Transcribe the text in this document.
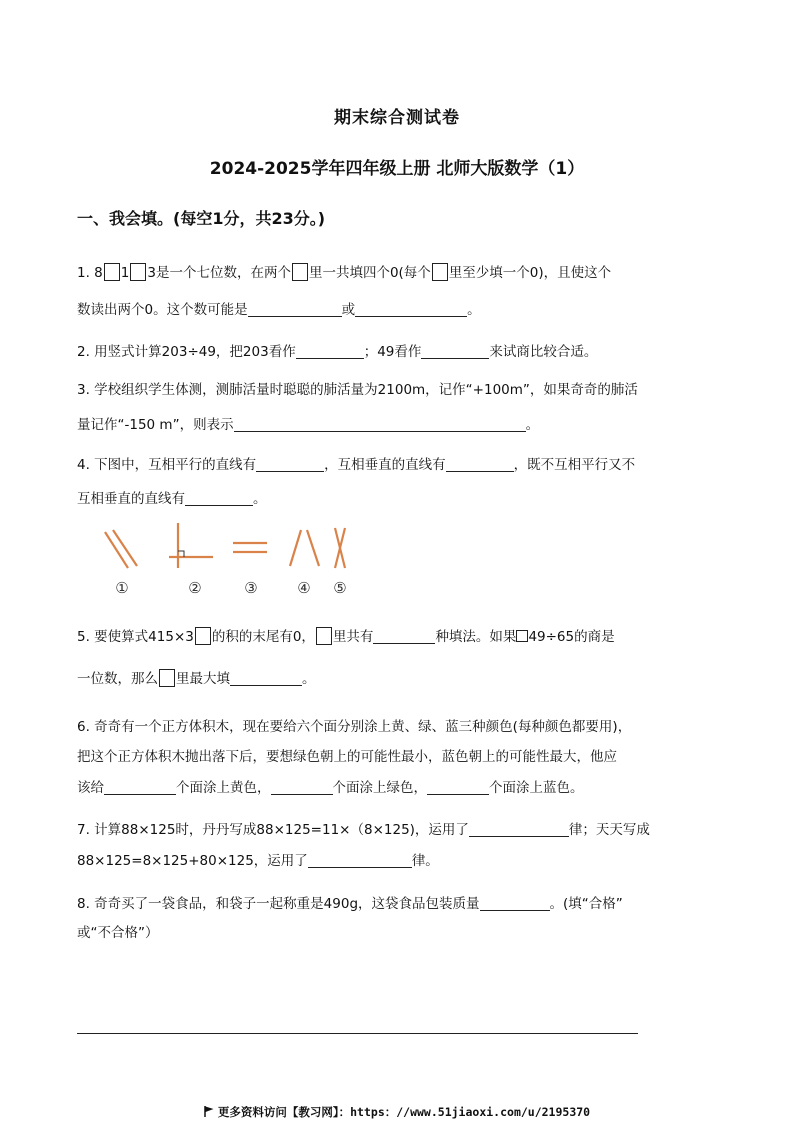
期末综合测试卷
2024-2025学年四年级上册 北师大版数学（1）
一、我会填。(每空1分，共23分。)
1. 8 1 3是一个七位数，在两个 里一共填四个0(每个 里至少填一个0)，且使这个
数读出两个0。这个数可能是	或	。
2. 用竖式计算203÷49，把203看作	；49看作	来试商比较合适。
3. 学校组织学生体测，测肺活量时聪聪的肺活量为2100m，记作“+100m”，如果奇奇的肺活
量记作“-150 m”，则表示	。
4. 下图中，互相平行的直线有	，互相垂直的直线有	，既不互相平行又不
互相垂直的直线有	。
①	②	③	④ ⑤
5. 要使算式415×3 的积的末尾有0， 里共有	种填法。如果 49÷65的商是
一位数，那么 里最大填	。
6. 奇奇有一个正方体积木，现在要给六个面分别涂上黄、绿、蓝三种颜色(每种颜色都要用)，
把这个正方体积木抛出落下后，要想绿色朝上的可能性最小，蓝色朝上的可能性最大，他应
该给	个面涂上黄色，	个面涂上绿色，	个面涂上蓝色。
7. 计算88×125时，丹丹写成88×125=11×（8×125)，运用了	律；天天写成
88×125=8×125+80×125，运用了	律。
8. 奇奇买了一袋食品，和袋子一起称重是490g，这袋食品包装质量	。(填“合格”
或“不合格”）
更多资料访问【教习网】：https：//www.51jiaoxi.com/u/2195370
